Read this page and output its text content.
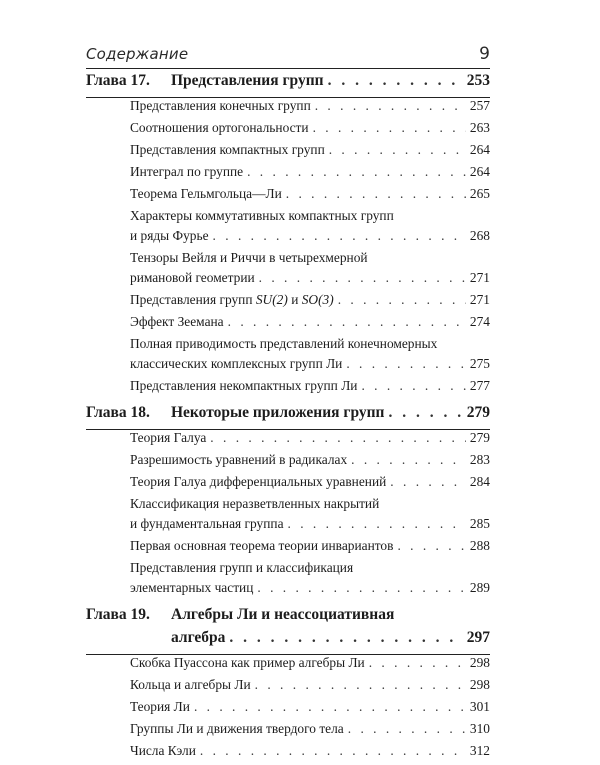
Содержание	9
Глава 17.	Представления групп . . .	253
Представления конечных групп . . .	257
Соотношения ортогональности . . .	263
Представления компактных групп . . .	264
Интеграл по группе . . .	264
Теорема Гельмгольца—Ли . . .	265
Характеры коммутативных компактных групп
и ряды Фурье . . .	268
Тензоры Вейля и Риччи в четырехмерной
римановой геометрии . . .	271
Представления групп SU(2) и SO(3) . . .	271
Эффект Зеемана . . .	274
Полная приводимость представлений конечномерных
классических комплексных групп Ли . . .	275
Представления некомпактных групп Ли . . .	277
Глава 18.	Некоторые приложения групп . . .	279
Теория Галуа . . .	279
Разрешимость уравнений в радикалах . . .	283
Теория Галуа дифференциальных уравнений . . .	284
Классификация неразветвленных накрытий
и фундаментальная группа . . .	285
Первая основная теорема теории инвариантов . . .	288
Представления групп и классификация
элементарных частиц . . .	289
Глава 19.	Алгебры Ли и неассоциативная
алгебра . . .	297
Скобка Пуассона как пример алгебры Ли . . .	298
Кольца и алгебры Ли . . .	298
Теория Ли . . .	301
Группы Ли и движения твердого тела . . .	310
Числа Кэли . . .	312
